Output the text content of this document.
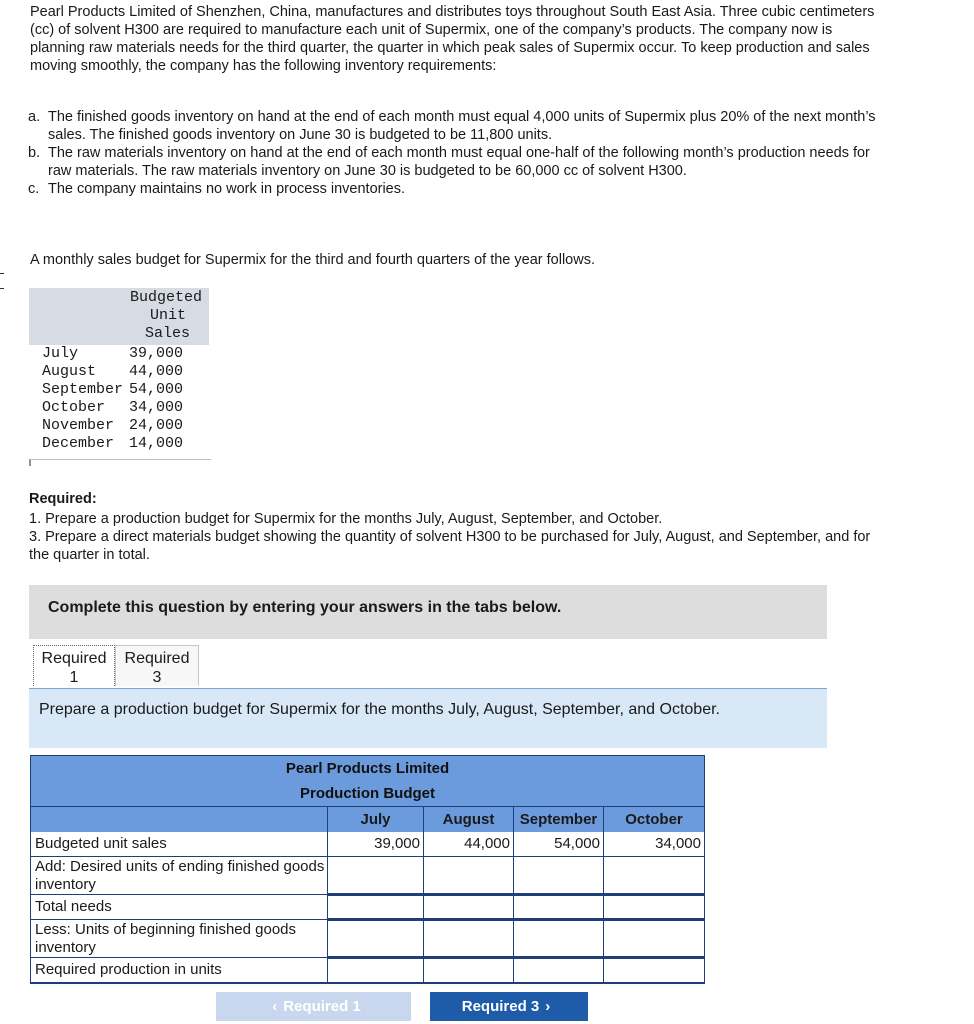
Pearl Products Limited of Shenzhen, China, manufactures and distributes toys throughout South East Asia. Three cubic centimeters (cc) of solvent H300 are required to manufacture each unit of Supermix, one of the company’s products. The company now is planning raw materials needs for the third quarter, the quarter in which peak sales of Supermix occur. To keep production and sales moving smoothly, the company has the following inventory requirements:

a. The finished goods inventory on hand at the end of each month must equal 4,000 units of Supermix plus 20% of the next month’s sales. The finished goods inventory on June 30 is budgeted to be 11,800 units.
b. The raw materials inventory on hand at the end of each month must equal one-half of the following month’s production needs for raw materials. The raw materials inventory on June 30 is budgeted to be 60,000 cc of solvent H300.
c. The company maintains no work in process inventories.

A monthly sales budget for Supermix for the third and fourth quarters of the year follows.

Budgeted
Unit
Sales
July	39,000
August	44,000
September 54,000
October	34,000
November 24,000
December 14,000
Required:
1. Prepare a production budget for Supermix for the months July, August, September, and October.
3. Prepare a direct materials budget showing the quantity of solvent H300 to be purchased for July, August, and September, and for the quarter in total.
Complete this question by entering your answers in the tabs below.
Required
1
Required
3
Prepare a production budget for Supermix for the months July, August, September, and October.
Pearl Products Limited				

Production Budget				

	July	August	September	October
Budgeted unit sales	39,000	44,000	54,000	34,000
Add: Desired units of ending finished goods inventory				
Total needs				
Less: Units of beginning finished goods inventory				
Required production in units				
‹ Required 1	Required 3 ›
